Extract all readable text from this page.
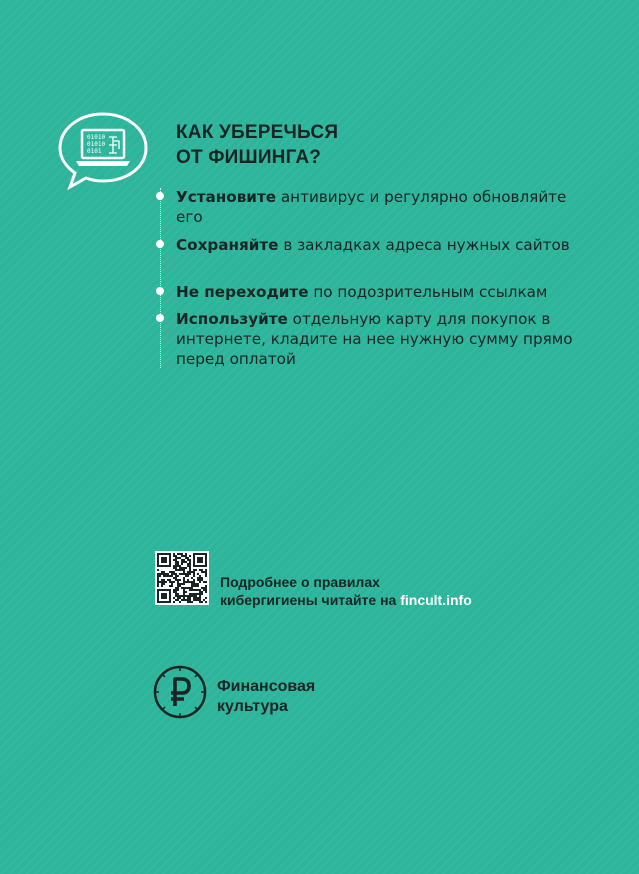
01010
01010
0101
КАК УБЕРЕЧЬСЯ
ОТ ФИШИНГА?
Установите антивирус и регулярно обновляйте его
Сохраняйте в закладках адреса нужных сайтов
Не переходите по подозрительным ссылкам
Используйте отдельную карту для покупок в интернете, кладите на нее нужную сумму прямо перед оплатой

Подробнее о правилах
кибергигиены читайте на fincult.info

Финансовая
культура
